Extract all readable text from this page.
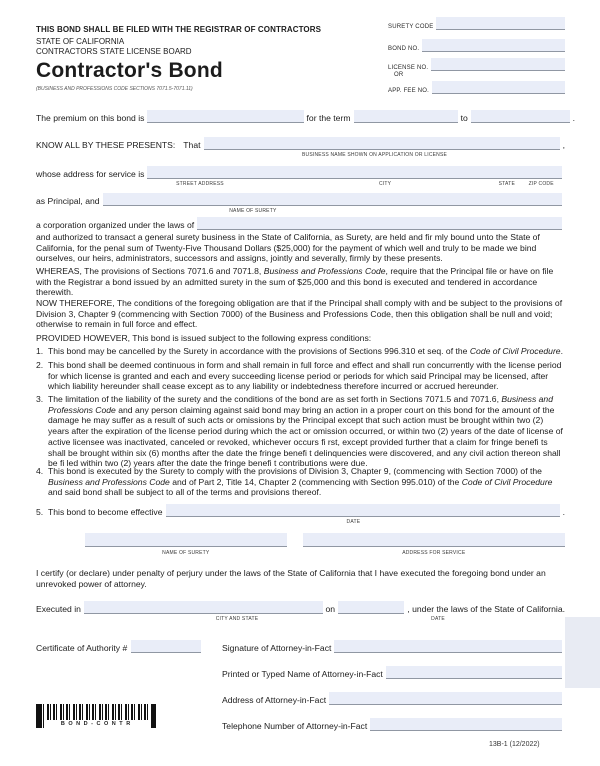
THIS BOND SHALL BE FILED WITH THE REGISTRAR OF CONTRACTORS
STATE OF CALIFORNIA
CONTRACTORS STATE LICENSE BOARD
Contractor's Bond
(BUSINESS AND PROFESSIONS CODE SECTIONS 7071.5-7071.11)
SURETY CODE
BOND NO.
LICENSE NO.
OR
APP. FEE NO.
The premium on this bond is	for the term	to	.
KNOW ALL BY THESE PRESENTS: That	,
BUSINESS NAME SHOWN ON APPLICATION OR LICENSE
whose address for service is
STREET ADDRESS	CITY	STATE	ZIP CODE
as Principal, and
NAME OF SURETY
a corporation organized under the laws of
and authorized to transact a general surety business in the State of California, as Surety, are held and fir mly bound unto the State of California, for the penal sum of Twenty-Five Thousand Dollars ($25,000) for the payment of which well and truly to be made we bind ourselves, our heirs, administrators, successors and assigns, jointly and severally, firmly by these presents.
WHEREAS, The provisions of Sections 7071.6 and 7071.8, Business and Professions Code, require that the Principal file or have on file with the Registrar a bond issued by an admitted surety in the sum of $25,000 and this bond is executed and tendered in accordance therewith.
NOW THEREFORE, The conditions of the foregoing obligation are that if the Principal shall comply with and be subject to the provisions of Division 3, Chapter 9 (commencing with Section 7000) of the Business and Professions Code, then this obligation shall be null and void; otherwise to remain in full force and effect.
PROVIDED HOWEVER, This bond is issued subject to the following express conditions:
1. This bond may be cancelled by the Surety in accordance with the provisions of Sections 996.310 et seq. of the Code of Civil Procedure.
2. This bond shall be deemed continuous in form and shall remain in full force and effect and shall run concurrently with the license period for which license is granted and each and every succeeding license period or periods for which said Principal may be licensed, after which liability hereunder shall cease except as to any liability or indebtedness therefore incurred or accrued hereunder.
3. The limitation of the liability of the surety and the conditions of the bond are as set forth in Sections 7071.5 and 7071.6, Business and Professions Code and any person claiming against said bond may bring an action in a proper court on this bond for the amount of the damage he may suffer as a result of such acts or omissions by the Principal except that such action must be brought within two (2) years after the expiration of the license period during which the act or omission occurred, or within two (2) years of the date of license of active licensee was inactivated, canceled or revoked, whichever occurs fi rst, except provided further that a claim for fringe benefi ts shall be brought within six (6) months after the date the fringe benefi t delinquencies were discovered, and any civil action thereon shall be fi led within two (2) years after the date the fringe benefi t contributions were due.
4. This bond is executed by the Surety to comply with the provisions of Division 3, Chapter 9, (commencing with Section 7000) of the Business and Professions Code and of Part 2, Title 14, Chapter 2 (commencing with Section 995.010) of the Code of Civil Procedure and said bond shall be subject to all of the terms and provisions thereof.
5. This bond to become effective	.
DATE
NAME OF SURETY	ADDRESS FOR SERVICE
I certify (or declare) under penalty of perjury under the laws of the State of California that I have executed the foregoing bond under an unrevoked power of attorney.
Executed in	on	, under the laws of the State of California.
CITY AND STATE	DATE
Certificate of Authority #	Signature of Attorney-in-Fact
Printed or Typed Name of Attorney-in-Fact
Address of Attorney-in-Fact
Telephone Number of Attorney-in-Fact
B O N D - C O N T R
13B-1 (12/2022)
